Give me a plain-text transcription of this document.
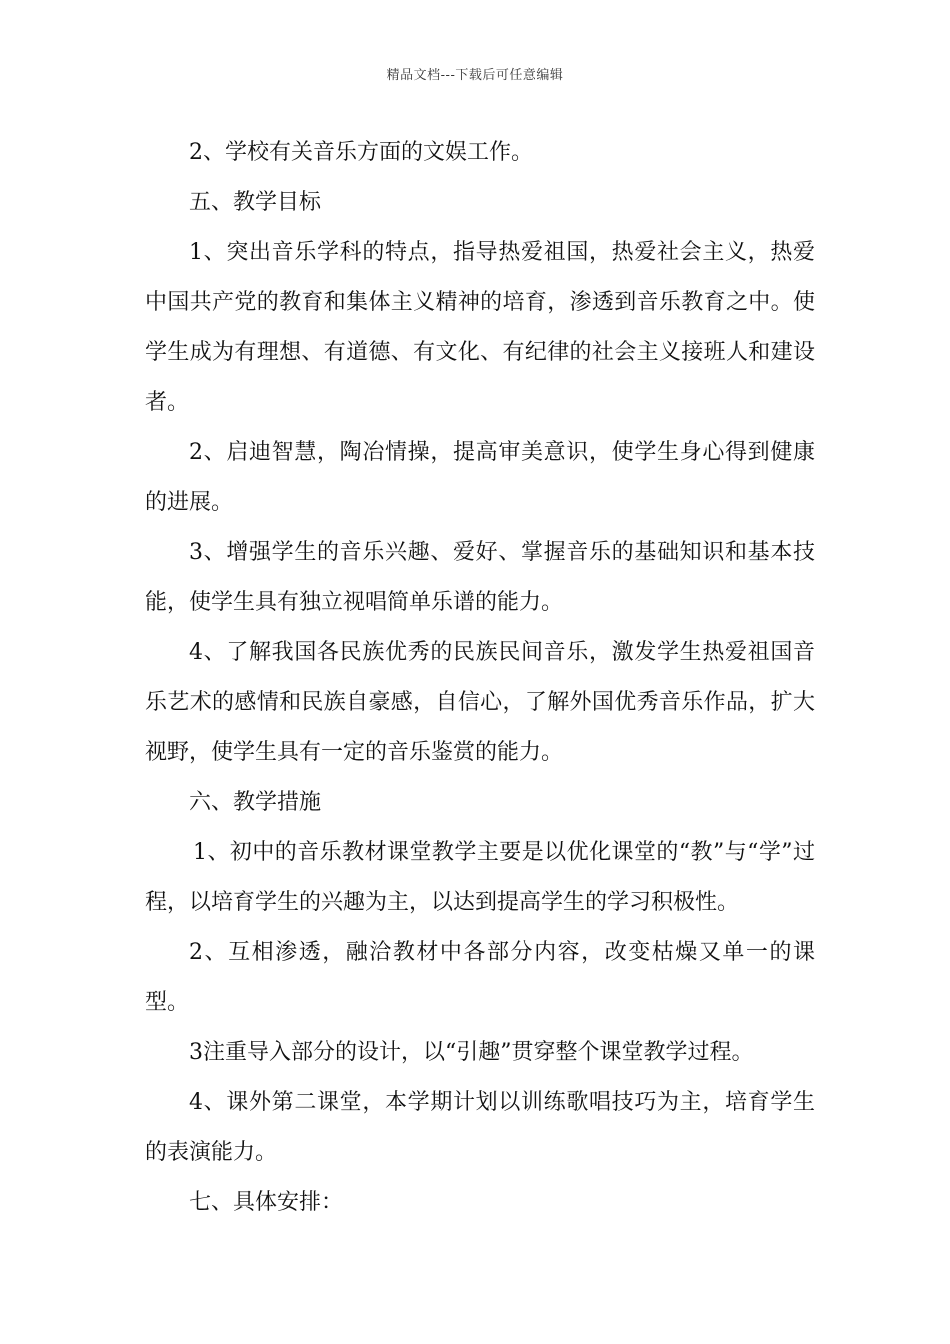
精品文档---下载后可任意编辑

2、学校有关音乐方面的文娱工作。

五、教学目标

1、突出音乐学科的特点，指导热爱祖国，热爱社会主义，热爱中国共产党的教育和集体主义精神的培育，渗透到音乐教育之中。使学生成为有理想、有道德、有文化、有纪律的社会主义接班人和建设者。

2、启迪智慧，陶冶情操，提高审美意识，使学生身心得到健康的进展。

3、增强学生的音乐兴趣、爱好、掌握音乐的基础知识和基本技能，使学生具有独立视唱简单乐谱的能力。

4、了解我国各民族优秀的民族民间音乐，激发学生热爱祖国音乐艺术的感情和民族自豪感，自信心，了解外国优秀音乐作品，扩大视野，使学生具有一定的音乐鉴赏的能力。

六、教学措施

1、初中的音乐教材课堂教学主要是以优化课堂的“教”与“学”过程，以培育学生的兴趣为主，以达到提高学生的学习积极性。

2、互相渗透，融洽教材中各部分内容，改变枯燥又单一的课型。

3注重导入部分的设计，以“引趣”贯穿整个课堂教学过程。

4、课外第二课堂，本学期计划以训练歌唱技巧为主，培育学生的表演能力。

七、具体安排：
